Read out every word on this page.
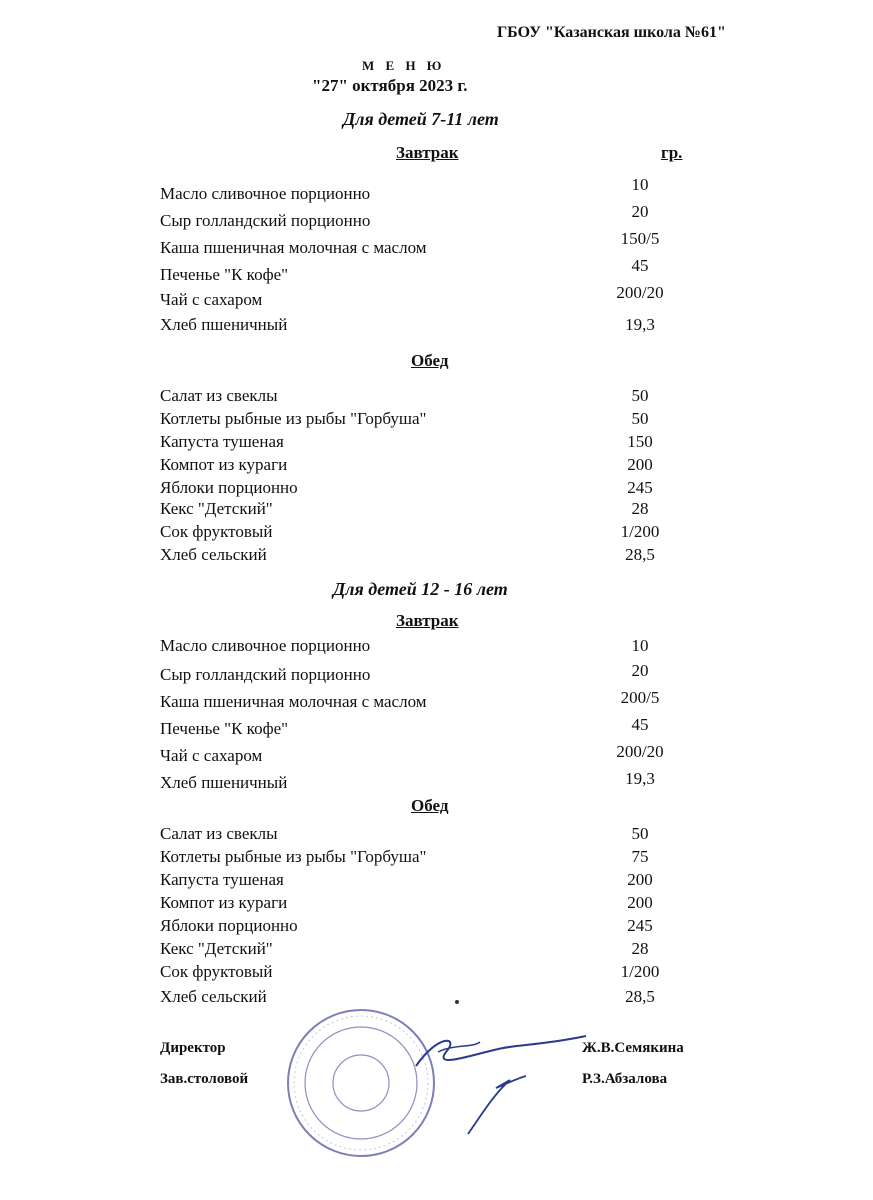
ГБОУ "Казанская школа №61"
М Е Н Ю
"27" октября 2023 г.
Для детей 7-11 лет
Завтрак	гр.
Масло сливочное порционно	10
Сыр голландский порционно	20
Каша пшеничная молочная с маслом	150/5
Печенье "К кофе"	45
Чай с сахаром	200/20
Хлеб пшеничный	19,3
Обед
Салат из свеклы	50
Котлеты рыбные из рыбы "Горбуша"	50
Капуста тушеная	150
Компот из кураги	200
Яблоки порционно	245
Кекс "Детский"	28
Сок фруктовый	1/200
Хлеб сельский	28,5
Для детей 12 - 16 лет
Завтрак
Масло сливочное порционно	10
Сыр голландский порционно	20
Каша пшеничная молочная с маслом	200/5
Печенье "К кофе"	45
Чай с сахаром	200/20
Хлеб пшеничный	19,3
Обед
Салат из свеклы	50
Котлеты рыбные из рыбы "Горбуша"	75
Капуста тушеная	200
Компот из кураги	200
Яблоки порционно	245
Кекс "Детский"	28
Сок фруктовый	1/200
Хлеб сельский	28,5
Директор	Ж.В.Семякина
Зав.столовой	Р.З.Абзалова
